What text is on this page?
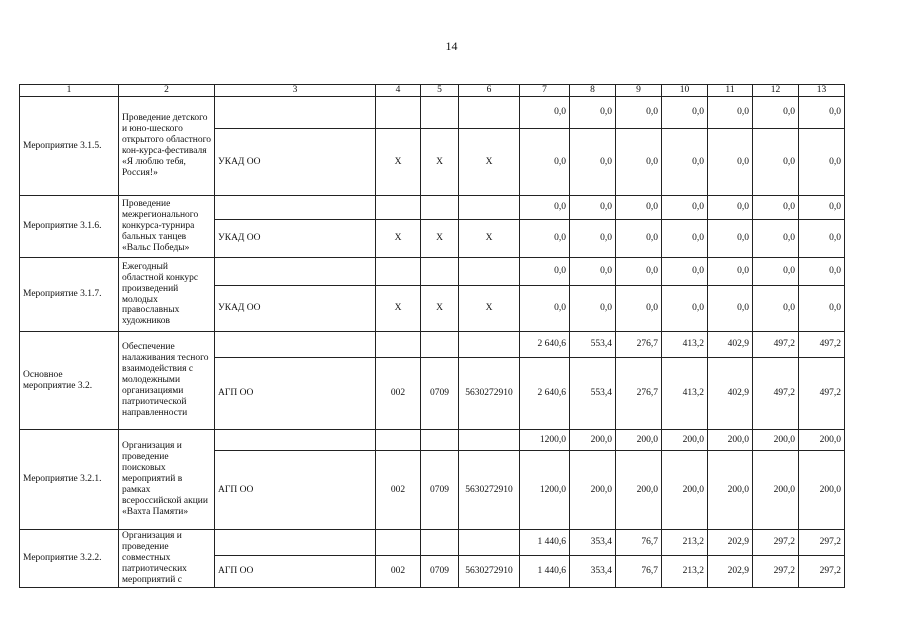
14
1	2	3	4	5	6	7	8	9	10	11	12	13
Мероприятие 3.1.5.	Проведение детского и юно-шеского открытого областного кон-курса-фестиваля «Я люблю тебя, Россия!»					0,0	0,0	0,0	0,0	0,0	0,0	0,0
		УКАД ОО	Х	Х	Х	0,0	0,0	0,0	0,0	0,0	0,0	0,0
Мероприятие 3.1.6.	Проведение межрегионального конкурса-турнира бальных танцев «Вальс Победы»					0,0	0,0	0,0	0,0	0,0	0,0	0,0
		УКАД ОО	Х	Х	Х	0,0	0,0	0,0	0,0	0,0	0,0	0,0
Мероприятие 3.1.7.	Ежегодный областной конкурс произведений молодых православных художников					0,0	0,0	0,0	0,0	0,0	0,0	0,0
		УКАД ОО	Х	Х	Х	0,0	0,0	0,0	0,0	0,0	0,0	0,0
Основное мероприятие 3.2.	Обеспечение налаживания тесного взаимодействия с молодежными организациями патриотической направленности					2 640,6	553,4	276,7	413,2	402,9	497,2	497,2
		АГП ОО	002	0709	5630272910	2 640,6	553,4	276,7	413,2	402,9	497,2	497,2
Мероприятие 3.2.1.	Организация и проведение поисковых мероприятий в рамках всероссийской акции «Вахта Памяти»					1200,0	200,0	200,0	200,0	200,0	200,0	200,0
		АГП ОО	002	0709	5630272910	1200,0	200,0	200,0	200,0	200,0	200,0	200,0
Мероприятие 3.2.2.	Организация и проведение совместных патриотических мероприятий с					1 440,6	353,4	76,7	213,2	202,9	297,2	297,2
		АГП ОО	002	0709	5630272910	1 440,6	353,4	76,7	213,2	202,9	297,2	297,2
